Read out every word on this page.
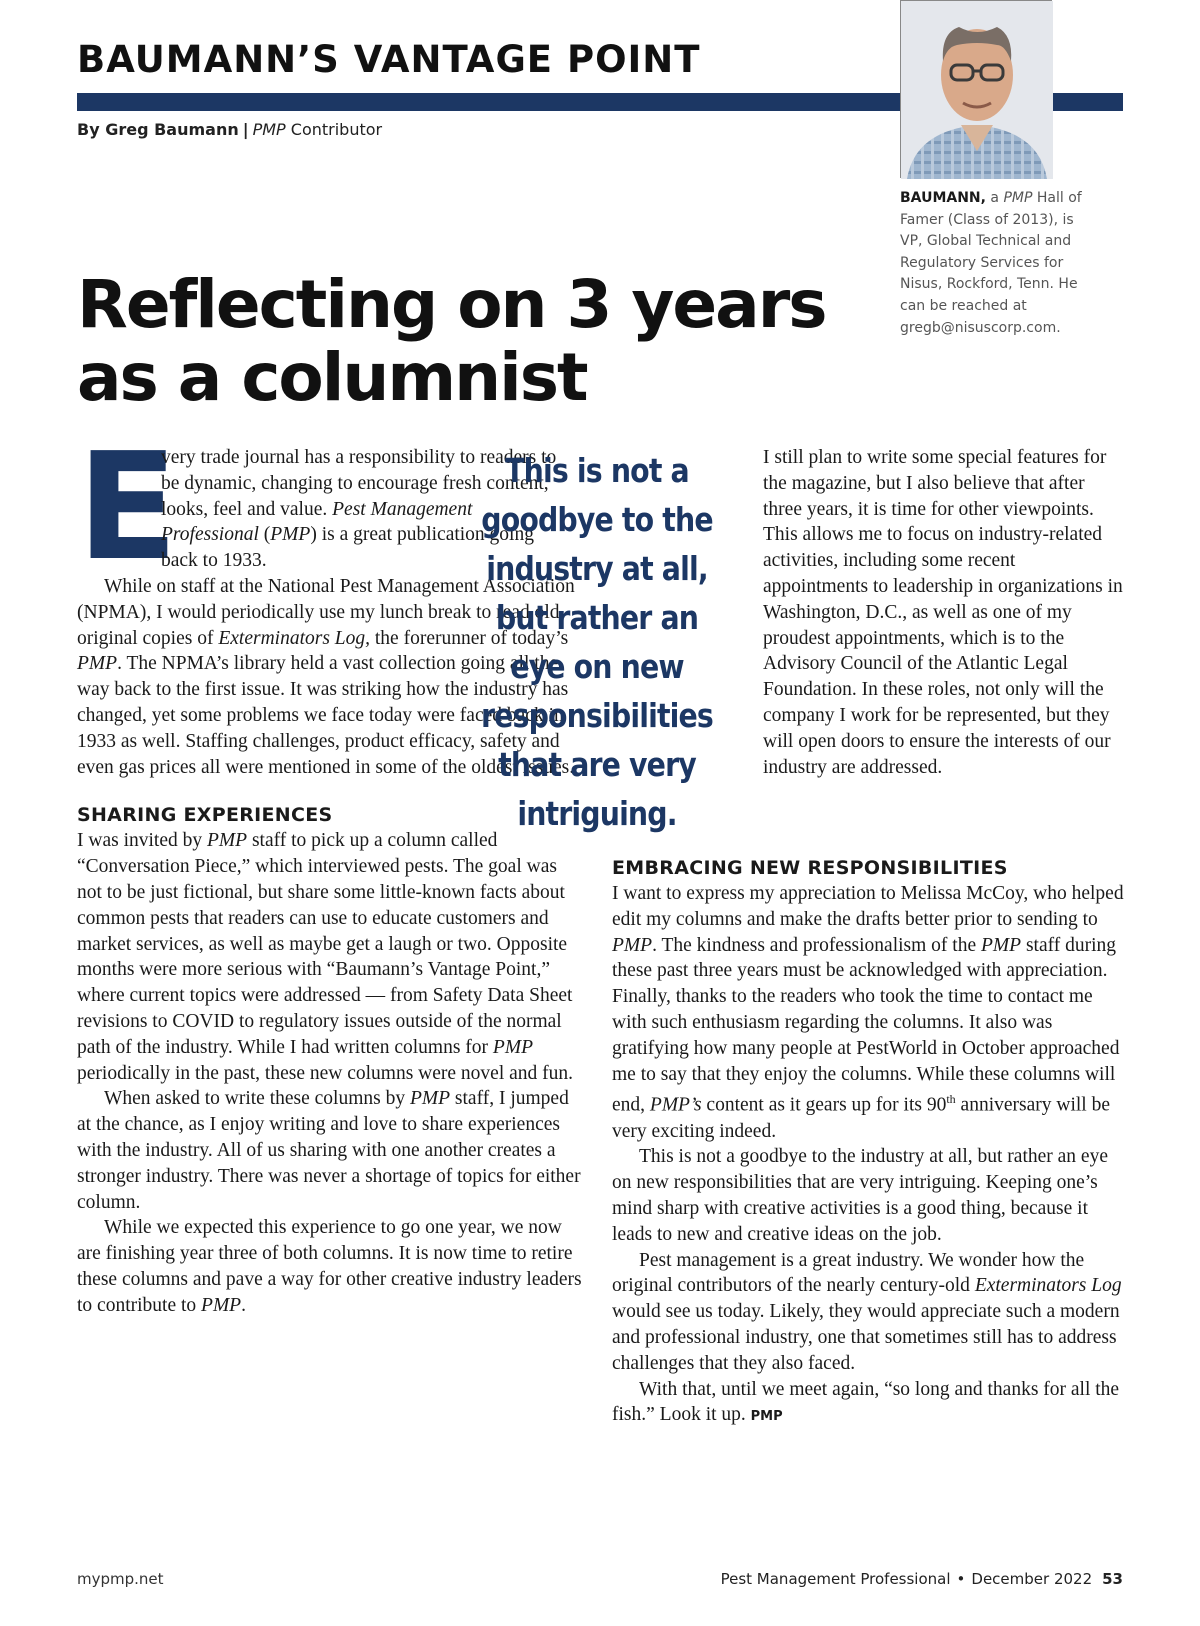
BAUMANN’S VANTAGE POINT
By Greg Baumann | PMP Contributor
BAUMANN, a PMP Hall of Famer (Class of 2013), is VP, Global Technical and Regulatory Services for Nisus, Rockford, Tenn. He can be reached at gregb@nisuscorp.com.
Reflecting on 3 years as a columnist

E
very trade journal has a responsibility to readers to be dynamic, changing to encourage fresh content, looks, feel and value. Pest Management Professional (PMP) is a great publication going back to 1933.

While on staff at the National Pest Management Association (NPMA), I would periodically use my lunch break to read old original copies of Exterminators Log, the forerunner of today’s PMP. The NPMA’s library held a vast collection going all the way back to the first issue. It was striking how the industry has changed, yet some problems we face today were faced back in 1933 as well. Staffing challenges, product efficacy, safety and even gas prices all were mentioned in some of the oldest issues.

SHARING EXPERIENCES

I was invited by PMP staff to pick up a column called “Conversation Piece,” which interviewed pests. The goal was not to be just fictional, but share some little-known facts about common pests that readers can use to educate customers and market services, as well as maybe get a laugh or two. Opposite months were more serious with “Baumann’s Vantage Point,” where current topics were addressed — from Safety Data Sheet revisions to COVID to regulatory issues outside of the normal path of the industry. While I had written columns for PMP periodically in the past, these new columns were novel and fun.

When asked to write these columns by PMP staff, I jumped at the chance, as I enjoy writing and love to share experiences with the industry. All of us sharing with one another creates a stronger industry. There was never a shortage of topics for either column.

While we expected this experience to go one year, we now are finishing year three of both columns. It is now time to retire these columns and pave a way for other creative industry leaders to contribute to PMP.

This is not a goodbye to the industry at all, but rather an eye on new responsibilities that are very intriguing.

I still plan to write some special features for the magazine, but I also believe that after three years, it is time for other viewpoints. This allows me to focus on industry-related activities, including some recent appointments to leadership in organizations in Washington, D.C., as well as one of my proudest appointments, which is to the Advisory Council of the Atlantic Legal Foundation. In these roles, not only will the company I work for be represented, but they will open doors to ensure the interests of our industry are addressed.

EMBRACING NEW RESPONSIBILITIES

I want to express my appreciation to Melissa McCoy, who helped edit my columns and make the drafts better prior to sending to PMP. The kindness and professionalism of the PMP staff during these past three years must be acknowledged with appreciation. Finally, thanks to the readers who took the time to contact me with such enthusiasm regarding the columns. It also was gratifying how many people at PestWorld in October approached me to say that they enjoy the columns. While these columns will end, PMP’s content as it gears up for its 90th anniversary will be very exciting indeed.

This is not a goodbye to the industry at all, but rather an eye on new responsibilities that are very intriguing. Keeping one’s mind sharp with creative activities is a good thing, because it leads to new and creative ideas on the job.

Pest management is a great industry. We wonder how the original contributors of the nearly century-old Exterminators Log would see us today. Likely, they would appreciate such a modern and professional industry, one that sometimes still has to address challenges that they also faced.

With that, until we meet again, “so long and thanks for all the fish.” Look it up. PMP

mypmp.net	Pest Management Professional • December 2022 53
